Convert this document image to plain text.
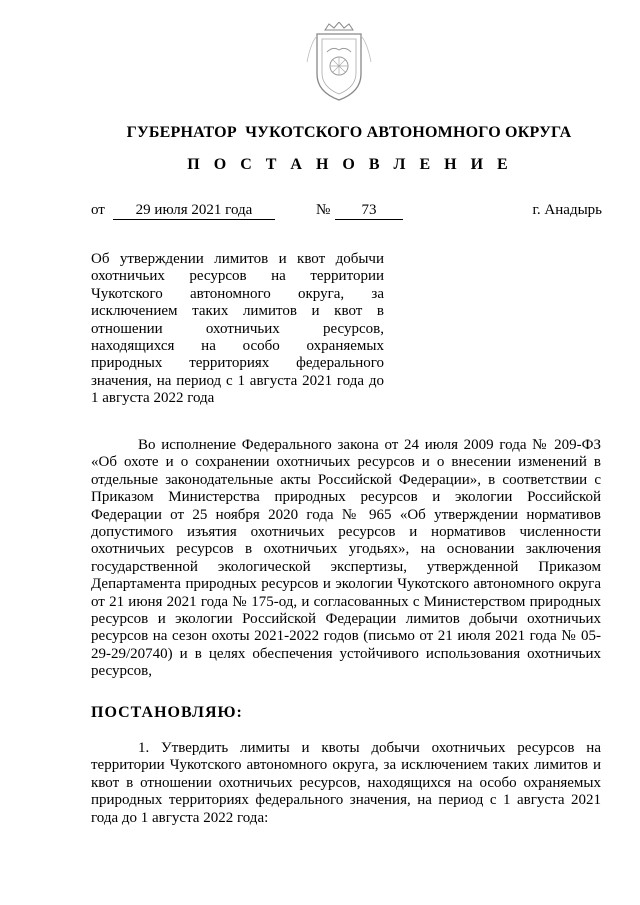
ГУБЕРНАТОР  ЧУКОТСКОГО АВТОНОМНОГО ОКРУГА
П О С Т А Н О В Л Е Н И Е
от	29 июля 2021 года	№	73	г. Анадырь
Об утверждении лимитов и квот добычи охотничьих ресурсов на территории Чукотского автономного округа, за исключением таких лимитов и квот в отношении охотничьих ресурсов, находящихся на особо охраняемых природных территориях федерального значения, на период с 1 августа 2021 года до 1 августа 2022 года

Во исполнение Федерального закона от 24 июля 2009 года № 209-ФЗ «Об охоте и о сохранении охотничьих ресурсов и о внесении изменений в отдельные законодательные акты Российской Федерации», в соответствии с Приказом Министерства природных ресурсов и экологии Российской Федерации от 25 ноября 2020 года № 965 «Об утверждении нормативов допустимого изъятия охотничьих ресурсов и нормативов численности охотничьих ресурсов в охотничьих угодьях», на основании заключения государственной экологической экспертизы, утвержденной Приказом Департамента природных ресурсов и экологии Чукотского автономного округа от 21 июня 2021 года № 175-од, и согласованных с Министерством природных ресурсов и экологии Российской Федерации лимитов добычи охотничьих ресурсов на сезон охоты 2021-2022 годов (письмо от 21 июля 2021 года № 05-29-29/20740) и в целях обеспечения устойчивого использования охотничьих ресурсов,

ПОСТАНОВЛЯЮ:

1. Утвердить лимиты и квоты добычи охотничьих ресурсов на территории Чукотского автономного округа, за исключением таких лимитов и квот в отношении охотничьих ресурсов, находящихся на особо охраняемых природных территориях федерального значения, на период с 1 августа 2021 года до 1 августа 2022 года:
